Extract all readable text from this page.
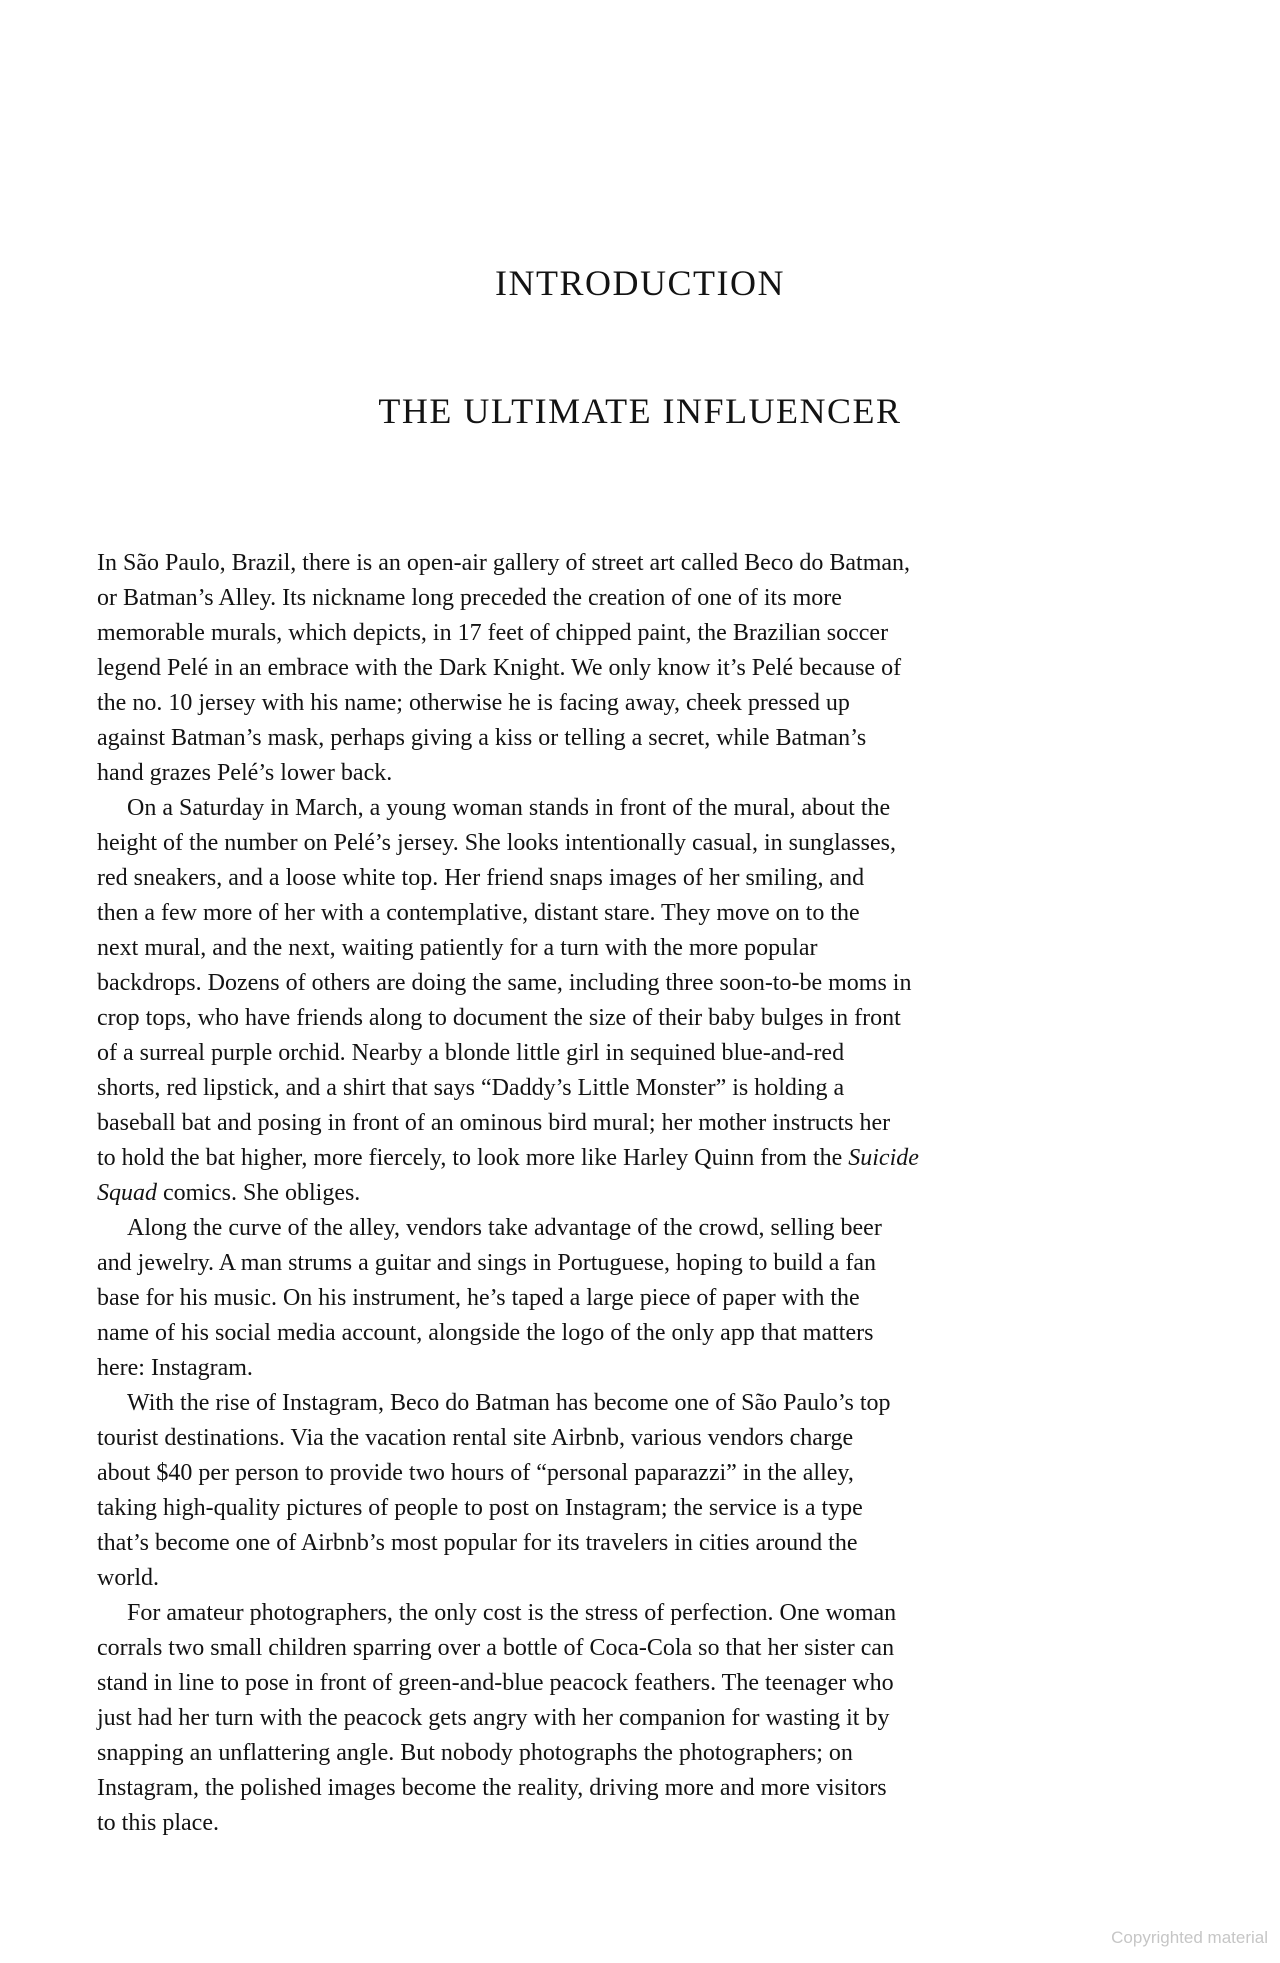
INTRODUCTION
THE ULTIMATE INFLUENCER
In São Paulo, Brazil, there is an open-air gallery of street art called Beco do Batman,
or Batman’s Alley. Its nickname long preceded the creation of one of its more
memorable murals, which depicts, in 17 feet of chipped paint, the Brazilian soccer
legend Pelé in an embrace with the Dark Knight. We only know it’s Pelé because of
the no. 10 jersey with his name; otherwise he is facing away, cheek pressed up
against Batman’s mask, perhaps giving a kiss or telling a secret, while Batman’s
hand grazes Pelé’s lower back.
On a Saturday in March, a young woman stands in front of the mural, about the
height of the number on Pelé’s jersey. She looks intentionally casual, in sunglasses,
red sneakers, and a loose white top. Her friend snaps images of her smiling, and
then a few more of her with a contemplative, distant stare. They move on to the
next mural, and the next, waiting patiently for a turn with the more popular
backdrops. Dozens of others are doing the same, including three soon-to-be moms in
crop tops, who have friends along to document the size of their baby bulges in front
of a surreal purple orchid. Nearby a blonde little girl in sequined blue-and-red
shorts, red lipstick, and a shirt that says “Daddy’s Little Monster” is holding a
baseball bat and posing in front of an ominous bird mural; her mother instructs her
to hold the bat higher, more fiercely, to look more like Harley Quinn from the Suicide
Squad comics. She obliges.
Along the curve of the alley, vendors take advantage of the crowd, selling beer
and jewelry. A man strums a guitar and sings in Portuguese, hoping to build a fan
base for his music. On his instrument, he’s taped a large piece of paper with the
name of his social media account, alongside the logo of the only app that matters
here: Instagram.
With the rise of Instagram, Beco do Batman has become one of São Paulo’s top
tourist destinations. Via the vacation rental site Airbnb, various vendors charge
about $40 per person to provide two hours of “personal paparazzi” in the alley,
taking high-quality pictures of people to post on Instagram; the service is a type
that’s become one of Airbnb’s most popular for its travelers in cities around the
world.
For amateur photographers, the only cost is the stress of perfection. One woman
corrals two small children sparring over a bottle of Coca-Cola so that her sister can
stand in line to pose in front of green-and-blue peacock feathers. The teenager who
just had her turn with the peacock gets angry with her companion for wasting it by
snapping an unflattering angle. But nobody photographs the photographers; on
Instagram, the polished images become the reality, driving more and more visitors
to this place.
Copyrighted material
